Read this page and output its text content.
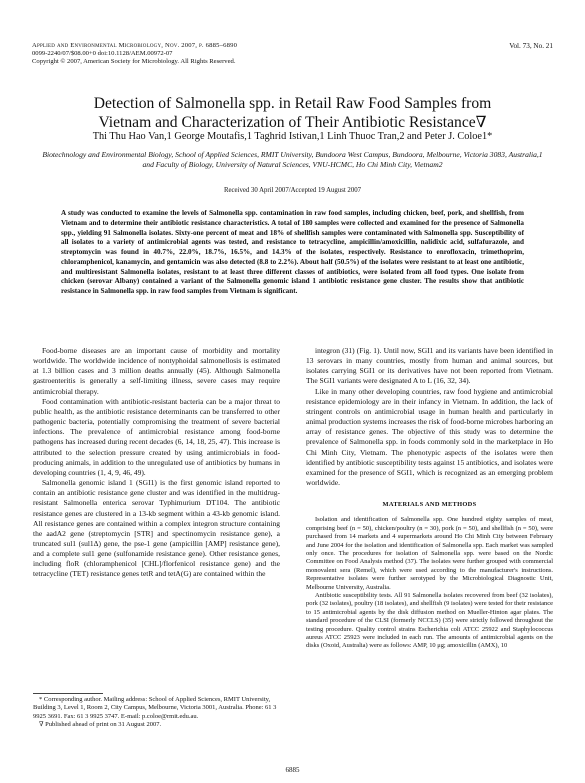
Applied and Environmental Microbiology, Nov. 2007, p. 6885–6890
0099-2240/07/$08.00+0 doi:10.1128/AEM.00972-07
Copyright © 2007, American Society for Microbiology. All Rights Reserved.
Vol. 73, No. 21
Detection of Salmonella spp. in Retail Raw Food Samples from
Vietnam and Characterization of Their Antibiotic Resistance∇
Thi Thu Hao Van,1 George Moutafis,1 Taghrid Istivan,1 Linh Thuoc Tran,2 and Peter J. Coloe1*
Biotechnology and Environmental Biology, School of Applied Sciences, RMIT University, Bundoora West Campus, Bundoora, Melbourne, Victoria 3083, Australia,1 and Faculty of Biology, University of Natural Sciences, VNU-HCMC, Ho Chi Minh City, Vietnam2
Received 30 April 2007/Accepted 19 August 2007
A study was conducted to examine the levels of Salmonella spp. contamination in raw food samples, including chicken, beef, pork, and shellfish, from Vietnam and to determine their antibiotic resistance characteristics. A total of 180 samples were collected and examined for the presence of Salmonella spp., yielding 91 Salmonella isolates. Sixty-one percent of meat and 18% of shellfish samples were contaminated with Salmonella spp. Susceptibility of all isolates to a variety of antimicrobial agents was tested, and resistance to tetracycline, ampicillin/amoxicillin, nalidixic acid, sulfafurazole, and streptomycin was found in 40.7%, 22.0%, 18.7%, 16.5%, and 14.3% of the isolates, respectively. Resistance to enrofloxacin, trimethoprim, chloramphenicol, kanamycin, and gentamicin was also detected (8.8 to 2.2%). About half (50.5%) of the isolates were resistant to at least one antibiotic, and multiresistant Salmonella isolates, resistant to at least three different classes of antibiotics, were isolated from all food types. One isolate from chicken (serovar Albany) contained a variant of the Salmonella genomic island 1 antibiotic resistance gene cluster. The results show that antibiotic resistance in Salmonella spp. in raw food samples from Vietnam is significant.

Food-borne diseases are an important cause of morbidity and mortality worldwide. The worldwide incidence of nontyphoidal salmonellosis is estimated at 1.3 billion cases and 3 million deaths annually (45). Although Salmonella gastroenteritis is generally a self-limiting illness, severe cases may require antimicrobial therapy.

Food contamination with antibiotic-resistant bacteria can be a major threat to public health, as the antibiotic resistance determinants can be transferred to other pathogenic bacteria, potentially compromising the treatment of severe bacterial infections. The prevalence of antimicrobial resistance among food-borne pathogens has increased during recent decades (6, 14, 18, 25, 47). This increase is attributed to the selection pressure created by using antimicrobials in food-producing animals, in addition to the unregulated use of antibiotics by humans in developing countries (1, 4, 9, 46, 49).

Salmonella genomic island 1 (SGI1) is the first genomic island reported to contain an antibiotic resistance gene cluster and was identified in the multidrug-resistant Salmonella enterica serovar Typhimurium DT104. The antibiotic resistance genes are clustered in a 13-kb segment within a 43-kb genomic island. All resistance genes are contained within a complex integron structure containing the aadA2 gene (streptomycin [STR] and spectinomycin resistance gene), a truncated sul1 (sul1Δ) gene, the pse-1 gene (ampicillin [AMP] resistance gene), and a complete sul1 gene (sulfonamide resistance gene). Other resistance genes, including floR (chloramphenicol [CHL]/florfenicol resistance gene) and the tetracycline (TET) resistance genes tetR and tetA(G) are contained within the

* Corresponding author. Mailing address: School of Applied Sciences, RMIT University, Building 3, Level 1, Room 2, City Campus, Melbourne, Victoria 3001, Australia. Phone: 61 3 9925 3691. Fax: 61 3 9925 3747. E-mail: p.coloe@rmit.edu.au.

∇ Published ahead of print on 31 August 2007.

integron (31) (Fig. 1). Until now, SGI1 and its variants have been identified in 13 serovars in many countries, mostly from human and animal sources, but isolates carrying SGI1 or its derivatives have not been reported from Vietnam. The SGI1 variants were designated A to L (16, 32, 34).

Like in many other developing countries, raw food hygiene and antimicrobial resistance epidemiology are in their infancy in Vietnam. In addition, the lack of stringent controls on antimicrobial usage in human health and particularly in animal production systems increases the risk of food-borne microbes harboring an array of resistance genes. The objective of this study was to determine the prevalence of Salmonella spp. in foods commonly sold in the marketplace in Ho Chi Minh City, Vietnam. The phenotypic aspects of the isolates were then identified by antibiotic susceptibility tests against 15 antibiotics, and isolates were examined for the presence of SGI1, which is recognized as an emerging problem worldwide.

MATERIALS AND METHODS

Isolation and identification of Salmonella spp. One hundred eighty samples of meat, comprising beef (n = 50), chicken/poultry (n = 30), pork (n = 50), and shellfish (n = 50), were purchased from 14 markets and 4 supermarkets around Ho Chi Minh City between February and June 2004 for the isolation and identification of Salmonella spp. Each market was sampled only once. The procedures for isolation of Salmonella spp. were based on the Nordic Committee on Food Analysis method (37). The isolates were further grouped with commercial monovalent sera (Remel), which were used according to the manufacturer's instructions. Representative isolates were further serotyped by the Microbiological Diagnostic Unit, Melbourne University, Australia.

Antibiotic susceptibility tests. All 91 Salmonella isolates recovered from beef (32 isolates), pork (32 isolates), poultry (18 isolates), and shellfish (9 isolates) were tested for their resistance to 15 antimicrobial agents by the disk diffusion method on Mueller-Hinton agar plates. The standard procedure of the CLSI (formerly NCCLS) (35) were strictly followed throughout the testing procedure. Quality control strains Escherichia coli ATCC 25922 and Staphylococcus aureus ATCC 25923 were included in each run. The amounts of antimicrobial agents on the disks (Oxoid, Australia) were as follows: AMP, 10 μg; amoxicillin (AMX), 10

6885
